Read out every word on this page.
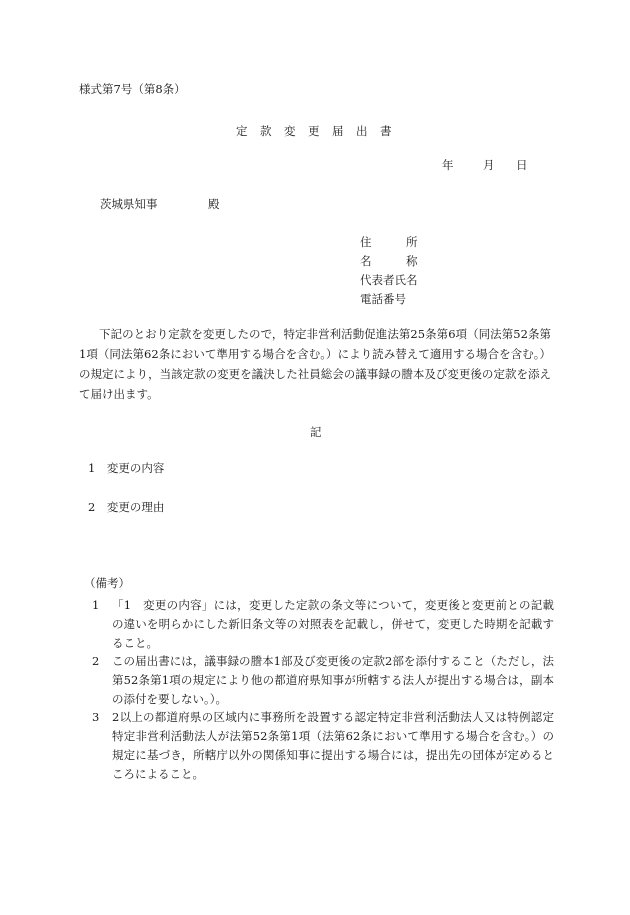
様式第7号（第8条）
定款変更届出書
年	月 日
茨城県知事	殿
住　　　所
名　　　称
代表者氏名
電話番号
下記のとおり定款を変更したので，特定非営利活動促進法第25条第6項（同法第52条第1項（同法第62条において準用する場合を含む。）により読み替えて適用する場合を含む。）の規定により，当該定款の変更を議決した社員総会の議事録の謄本及び変更後の定款を添えて届け出ます。
記
1　 変更の内容
2　 変更の理由
（備考）
1	「1　変更の内容」には，変更した定款の条文等について，変更後と変更前との記載の違いを明らかにした新旧条文等の対照表を記載し，併せて，変更した時期を記載すること。
2	この届出書には，議事録の謄本1部及び変更後の定款2部を添付すること（ただし，法第52条第1項の規定により他の都道府県知事が所轄する法人が提出する場合は，副本の添付を要しない。）。
3	2以上の都道府県の区域内に事務所を設置する認定特定非営利活動法人又は特例認定特定非営利活動法人が法第52条第1項（法第62条において準用する場合を含む。）の規定に基づき，所轄庁以外の関係知事に提出する場合には，提出先の団体が定めるところによること。
